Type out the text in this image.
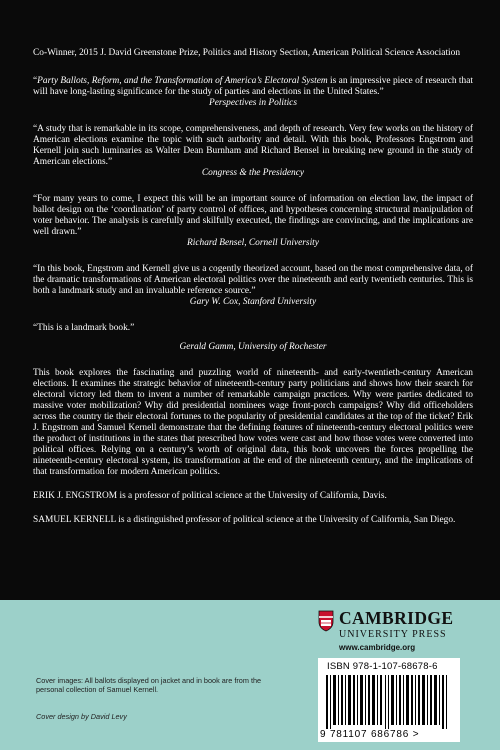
Co-Winner, 2015 J. David Greenstone Prize, Politics and History Section, American Political Science Association

“Party Ballots, Reform, and the Transformation of America’s Electoral System is an impressive piece of research that will have long-lasting significance for the study of parties and elections in the United States.”

Perspectives in Politics

“A study that is remarkable in its scope, comprehensiveness, and depth of research. Very few works on the history of American elections examine the topic with such authority and detail. With this book, Professors Engstrom and Kernell join such luminaries as Walter Dean Burnham and Richard Bensel in breaking new ground in the study of American elections.”

Congress & the Presidency

“For many years to come, I expect this will be an important source of information on election law, the impact of ballot design on the ‘coordination’ of party control of offices, and hypotheses concerning structural manipulation of voter behavior. The analysis is carefully and skilfully executed, the findings are convincing, and the implications are well drawn.”

Richard Bensel, Cornell University

“In this book, Engstrom and Kernell give us a cogently theorized account, based on the most comprehensive data, of the dramatic transformations of American electoral politics over the nineteenth and early twentieth centuries. This is both a landmark study and an invaluable reference source.”

Gary W. Cox, Stanford University

“This is a landmark book.”

Gerald Gamm, University of Rochester

This book explores the fascinating and puzzling world of nineteenth- and early-twentieth-century American elections. It examines the strategic behavior of nineteenth-century party politicians and shows how their search for electoral victory led them to invent a number of remarkable campaign practices. Why were parties dedicated to massive voter mobilization? Why did presidential nominees wage front-porch campaigns? Why did officeholders across the country tie their electoral fortunes to the popularity of presidential candidates at the top of the ticket? Erik J. Engstrom and Samuel Kernell demonstrate that the defining features of nineteenth-century electoral politics were the product of institutions in the states that prescribed how votes were cast and how those votes were converted into political offices. Relying on a century’s worth of original data, this book uncovers the forces propelling the nineteenth-century electoral system, its transformation at the end of the nineteenth century, and the implications of that transformation for modern American politics.

ERIK J. ENGSTROM is a professor of political science at the University of California, Davis.

SAMUEL KERNELL is a distinguished professor of political science at the University of California, San Diego.

CAMBRIDGE
UNIVERSITY PRESS
www.cambridge.org
ISBN 978-1-107-68678-6
9 781107 686786 >
Cover images: All ballots displayed on jacket and in book are from the personal collection of Samuel Kernell.
Cover design by David Levy
